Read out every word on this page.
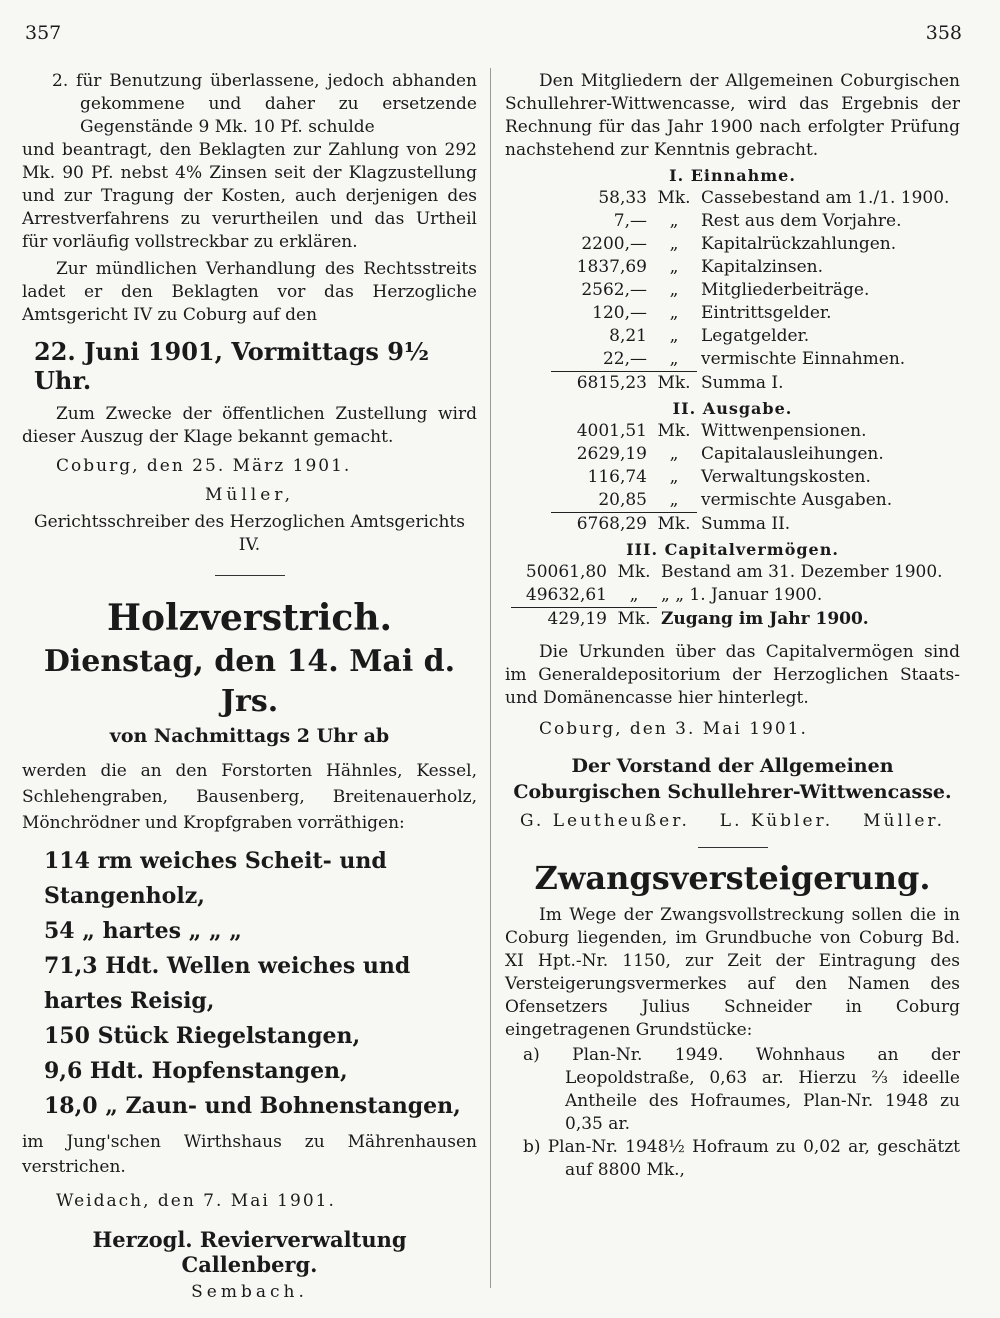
357	358

2. für Benutzung überlassene, jedoch abhanden gekommene und daher zu ersetzende Gegenstände 9 Mk. 10 Pf. schulde

und beantragt, den Beklagten zur Zahlung von 292 Mk. 90 Pf. nebst 4% Zinsen seit der Klagzustellung und zur Tragung der Kosten, auch derjenigen des Arrestverfahrens zu verurtheilen und das Urtheil für vorläufig vollstreckbar zu erklären.

Zur mündlichen Verhandlung des Rechtsstreits ladet er den Beklagten vor das Herzogliche Amtsgericht IV zu Coburg auf den

22. Juni 1901, Vormittags 9½ Uhr.

Zum Zwecke der öffentlichen Zustellung wird dieser Auszug der Klage bekannt gemacht.

Coburg, den 25. März 1901.

Müller,

Gerichtsschreiber des Herzoglichen Amtsgerichts IV.

Holzverstrich.
Dienstag, den 14. Mai d. Jrs.
von Nachmittags 2 Uhr ab

werden die an den Forstorten Hähnles, Kessel, Schlehengraben, Bausenberg, Breitenauerholz, Mönchrödner und Kropfgraben vorräthigen:

114 rm weiches Scheit- und Stangenholz,
54 „ hartes „ „ „
71,3 Hdt. Wellen weiches und hartes Reisig,
150 Stück Riegelstangen,
9,6 Hdt. Hopfenstangen,
18,0 „ Zaun- und Bohnenstangen,

im Jung'schen Wirthshaus zu Mährenhausen verstrichen.

Weidach, den 7. Mai 1901.

Herzogl. Revierverwaltung Callenberg.

Sembach.

Den Mitgliedern der Allgemeinen Coburgischen Schullehrer-Wittwencasse, wird das Ergebnis der Rechnung für das Jahr 1900 nach erfolgter Prüfung nachstehend zur Kenntnis gebracht.

I. Einnahme.
58,33	Mk.	Cassebestand am 1./1. 1900.
7,—	„	Rest aus dem Vorjahre.
2200,—	„	Kapitalrückzahlungen.
1837,69	„	Kapitalzinsen.
2562,—	„	Mitgliederbeiträge.
120,—	„	Eintrittsgelder.
8,21	„	Legatgelder.
22,—	„	vermischte Einnahmen.
6815,23	Mk.	Summa I.
II. Ausgabe.
4001,51	Mk.	Wittwenpensionen.
2629,19	„	Capitalausleihungen.
116,74	„	Verwaltungskosten.
20,85	„	vermischte Ausgaben.
6768,29	Mk.	Summa II.
III. Capitalvermögen.
50061,80	Mk.	Bestand am 31. Dezember 1900.
49632,61	„	„ „ 1. Januar 1900.
429,19	Mk.	Zugang im Jahr 1900.

Die Urkunden über das Capitalvermögen sind im Generaldepositorium der Herzoglichen Staats- und Domänencasse hier hinterlegt.

Coburg, den 3. Mai 1901.

Der Vorstand der Allgemeinen Coburgischen Schullehrer-Wittwencasse.
G. Leutheußer. L. Kübler. Müller.
Zwangsversteigerung.

Im Wege der Zwangsvollstreckung sollen die in Coburg liegenden, im Grundbuche von Coburg Bd. XI Hpt.-Nr. 1150, zur Zeit der Eintragung des Versteigerungsvermerkes auf den Namen des Ofensetzers Julius Schneider in Coburg eingetragenen Grundstücke:

a) Plan-Nr. 1949. Wohnhaus an der Leopoldstraße, 0,63 ar. Hierzu ⅔ ideelle Antheile des Hofraumes, Plan-Nr. 1948 zu 0,35 ar.

b) Plan-Nr. 1948½ Hofraum zu 0,02 ar, geschätzt auf 8800 Mk.,
